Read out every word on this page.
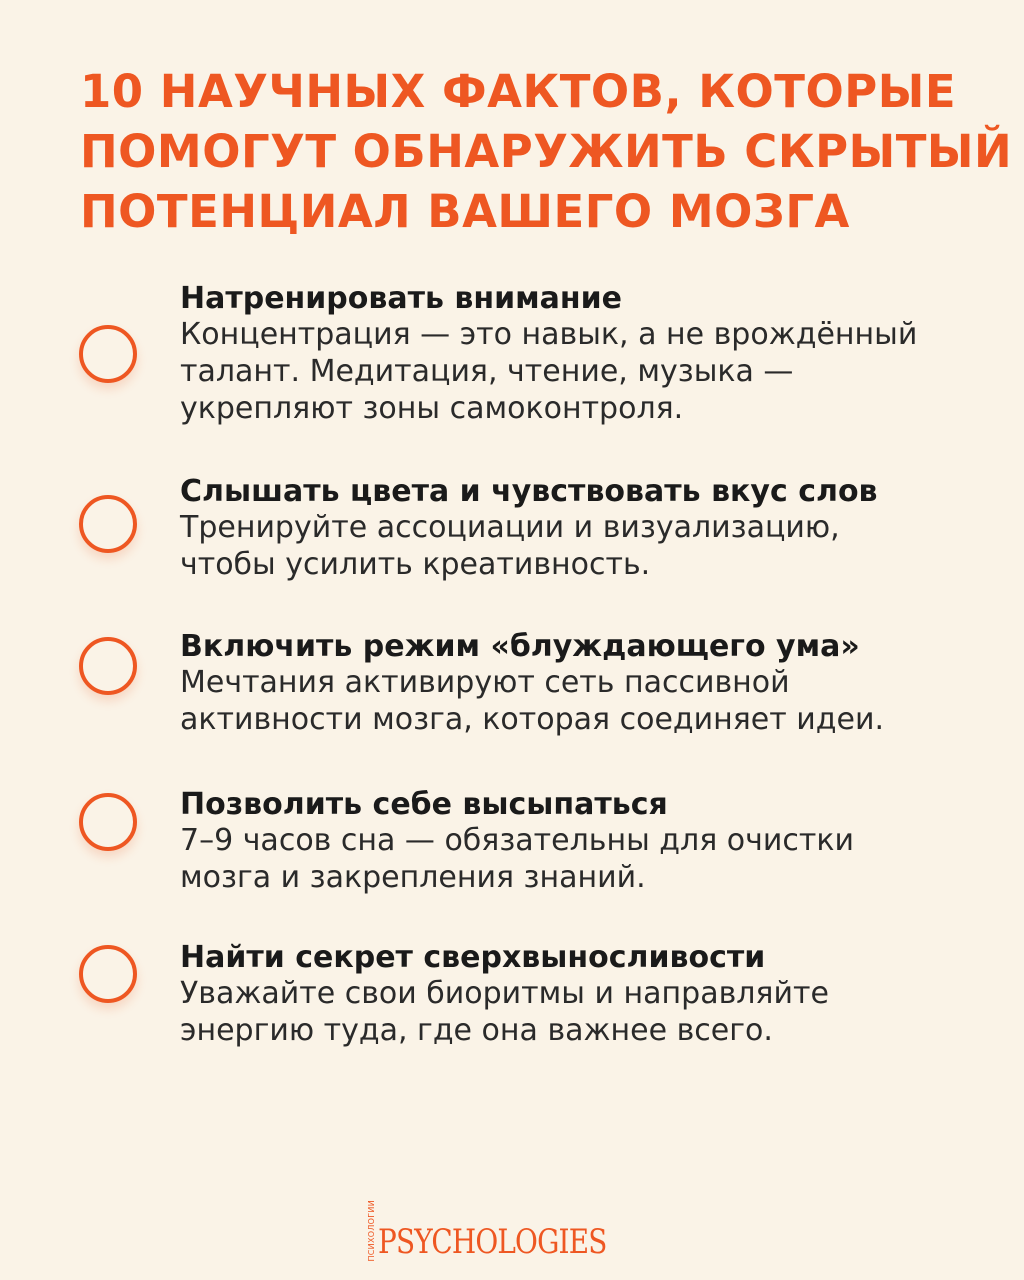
10 НАУЧНЫХ ФАКТОВ, КОТОРЫЕ
ПОМОГУТ ОБНАРУЖИТЬ СКРЫТЫЙ
ПОТЕНЦИАЛ ВАШЕГО МОЗГА
Натренировать внимание
Концентрация — это навык, а не врождённый
талант. Медитация, чтение, музыка —
укрепляют зоны самоконтроля.
Слышать цвета и чувствовать вкус слов
Тренируйте ассоциации и визуализацию,
чтобы усилить креативность.
Включить режим «блуждающего ума»
Мечтания активируют сеть пассивной
активности мозга, которая соединяет идеи.
Позволить себе высыпаться
7–9 часов сна — обязательны для очистки
мозга и закрепления знаний.
Найти секрет сверхвыносливости
Уважайте свои биоритмы и направляйте
энергию туда, где она важнее всего.
ПСИХОЛОГИИ PSYCHOLOGIES
